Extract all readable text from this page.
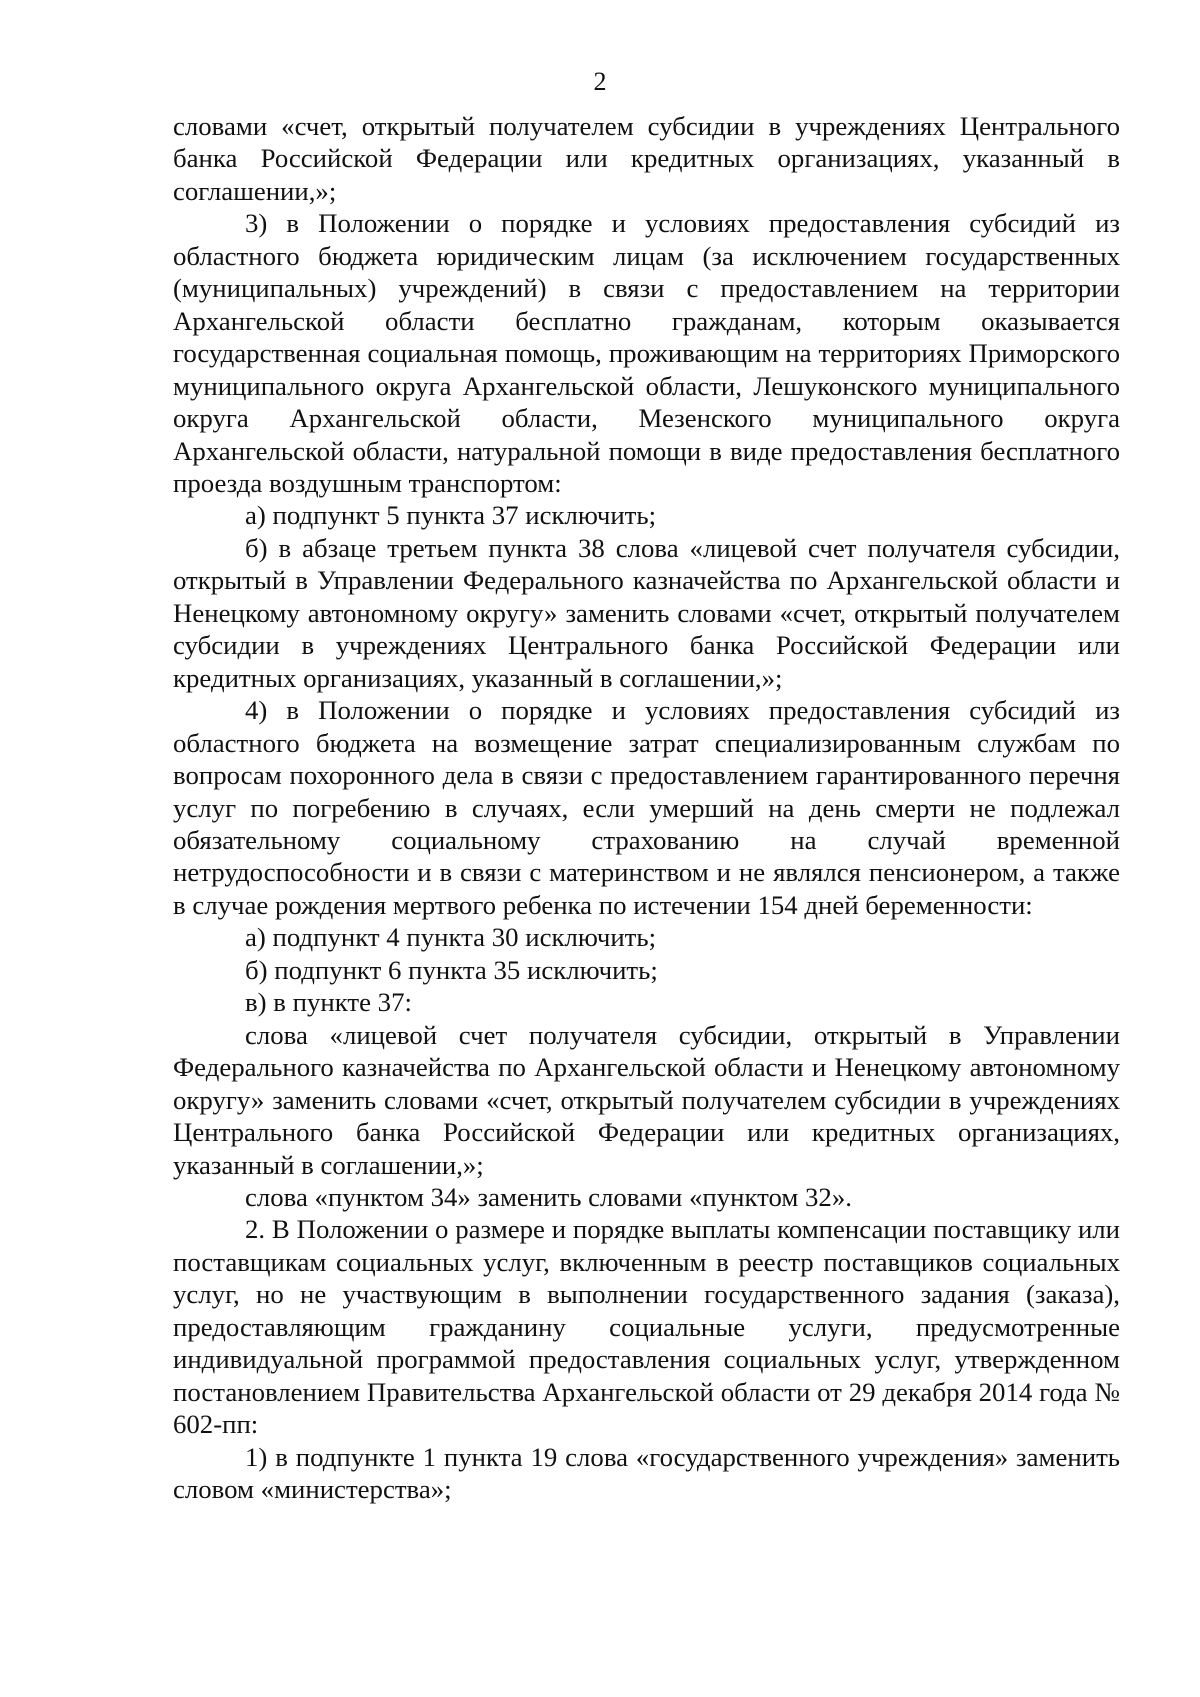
2

словами «счет, открытый получателем субсидии в учреждениях Центрального банка Российской Федерации или кредитных организациях, указанный в соглашении,»;

3) в Положении о порядке и условиях предоставления субсидий из областного бюджета юридическим лицам (за исключением государственных (муниципальных) учреждений) в связи с предоставлением на территории Архангельской области бесплатно гражданам, которым оказывается государственная социальная помощь, проживающим на территориях Приморского муниципального округа Архангельской области, Лешуконского муниципального округа Архангельской области, Мезенского муниципального округа Архангельской области, натуральной помощи в виде предоставления бесплатного проезда воздушным транспортом:

а) подпункт 5 пункта 37 исключить;

б) в абзаце третьем пункта 38 слова «лицевой счет получателя субсидии, открытый в Управлении Федерального казначейства по Архангельской области и Ненецкому автономному округу» заменить словами «счет, открытый получателем субсидии в учреждениях Центрального банка Российской Федерации или кредитных организациях, указанный в соглашении,»;

4) в Положении о порядке и условиях предоставления субсидий из областного бюджета на возмещение затрат специализированным службам по вопросам похоронного дела в связи с предоставлением гарантированного перечня услуг по погребению в случаях, если умерший на день смерти не подлежал обязательному социальному страхованию на случай временной нетрудоспособности и в связи с материнством и не являлся пенсионером, а также в случае рождения мертвого ребенка по истечении 154 дней беременности:

а) подпункт 4 пункта 30 исключить;

б) подпункт 6 пункта 35 исключить;

в) в пункте 37:

слова «лицевой счет получателя субсидии, открытый в Управлении Федерального казначейства по Архангельской области и Ненецкому автономному округу» заменить словами «счет, открытый получателем субсидии в учреждениях Центрального банка Российской Федерации или кредитных организациях, указанный в соглашении,»;

слова «пунктом 34» заменить словами «пунктом 32».

2. В Положении о размере и порядке выплаты компенсации поставщику или поставщикам социальных услуг, включенным в реестр поставщиков социальных услуг, но не участвующим в выполнении государственного задания (заказа), предоставляющим гражданину социальные услуги, предусмотренные индивидуальной программой предоставления социальных услуг, утвержденном постановлением Правительства Архангельской области от 29 декабря 2014 года № 602-пп:

1) в подпункте 1 пункта 19 слова «государственного учреждения» заменить словом «министерства»;
